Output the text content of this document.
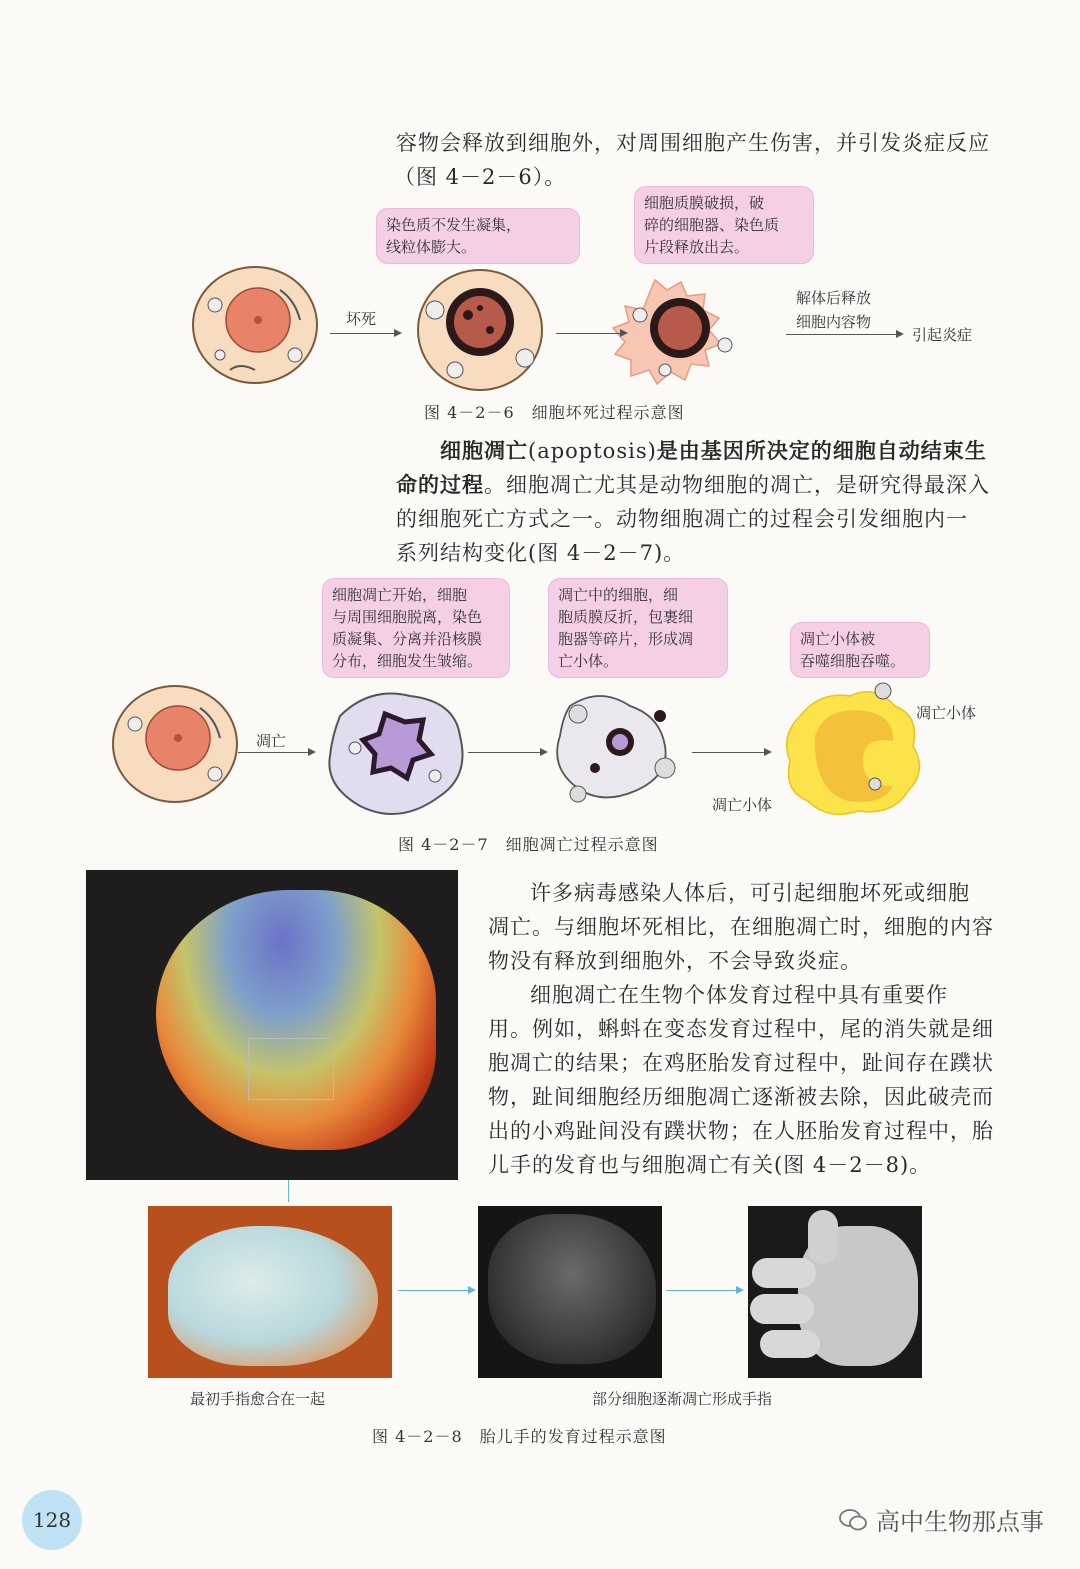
容物会释放到细胞外，对周围细胞产生伤害，并引发炎症反应
（图 4－2－6）。
染色质不发生凝集，
线粒体膨大。
细胞质膜破损，破
碎的细胞器、染色质
片段释放出去。
坏死
解体后释放
细胞内容物
引起炎症
图 4－2－6　细胞坏死过程示意图
细胞凋亡(apoptosis)是由基因所决定的细胞自动结束生
命的过程。细胞凋亡尤其是动物细胞的凋亡，是研究得最深入
的细胞死亡方式之一。动物细胞凋亡的过程会引发细胞内一
系列结构变化(图 4－2－7)。
细胞凋亡开始，细胞
与周围细胞脱离，染色
质凝集、分离并沿核膜
分布，细胞发生皱缩。
凋亡中的细胞，细
胞质膜反折，包裹细
胞器等碎片，形成凋
亡小体。
凋亡小体被
吞噬细胞吞噬。
凋亡
凋亡小体
凋亡小体
图 4－2－7　细胞凋亡过程示意图
许多病毒感染人体后，可引起细胞坏死或细胞
凋亡。与细胞坏死相比，在细胞凋亡时，细胞的内容
物没有释放到细胞外，不会导致炎症。
细胞凋亡在生物个体发育过程中具有重要作
用。例如，蝌蚪在变态发育过程中，尾的消失就是细
胞凋亡的结果；在鸡胚胎发育过程中，趾间存在蹼状
物，趾间细胞经历细胞凋亡逐渐被去除，因此破壳而
出的小鸡趾间没有蹼状物；在人胚胎发育过程中，胎
儿手的发育也与细胞凋亡有关(图 4－2－8)。
最初手指愈合在一起	部分细胞逐渐凋亡形成手指
图 4－2－8　胎儿手的发育过程示意图
128	高中生物那点事
